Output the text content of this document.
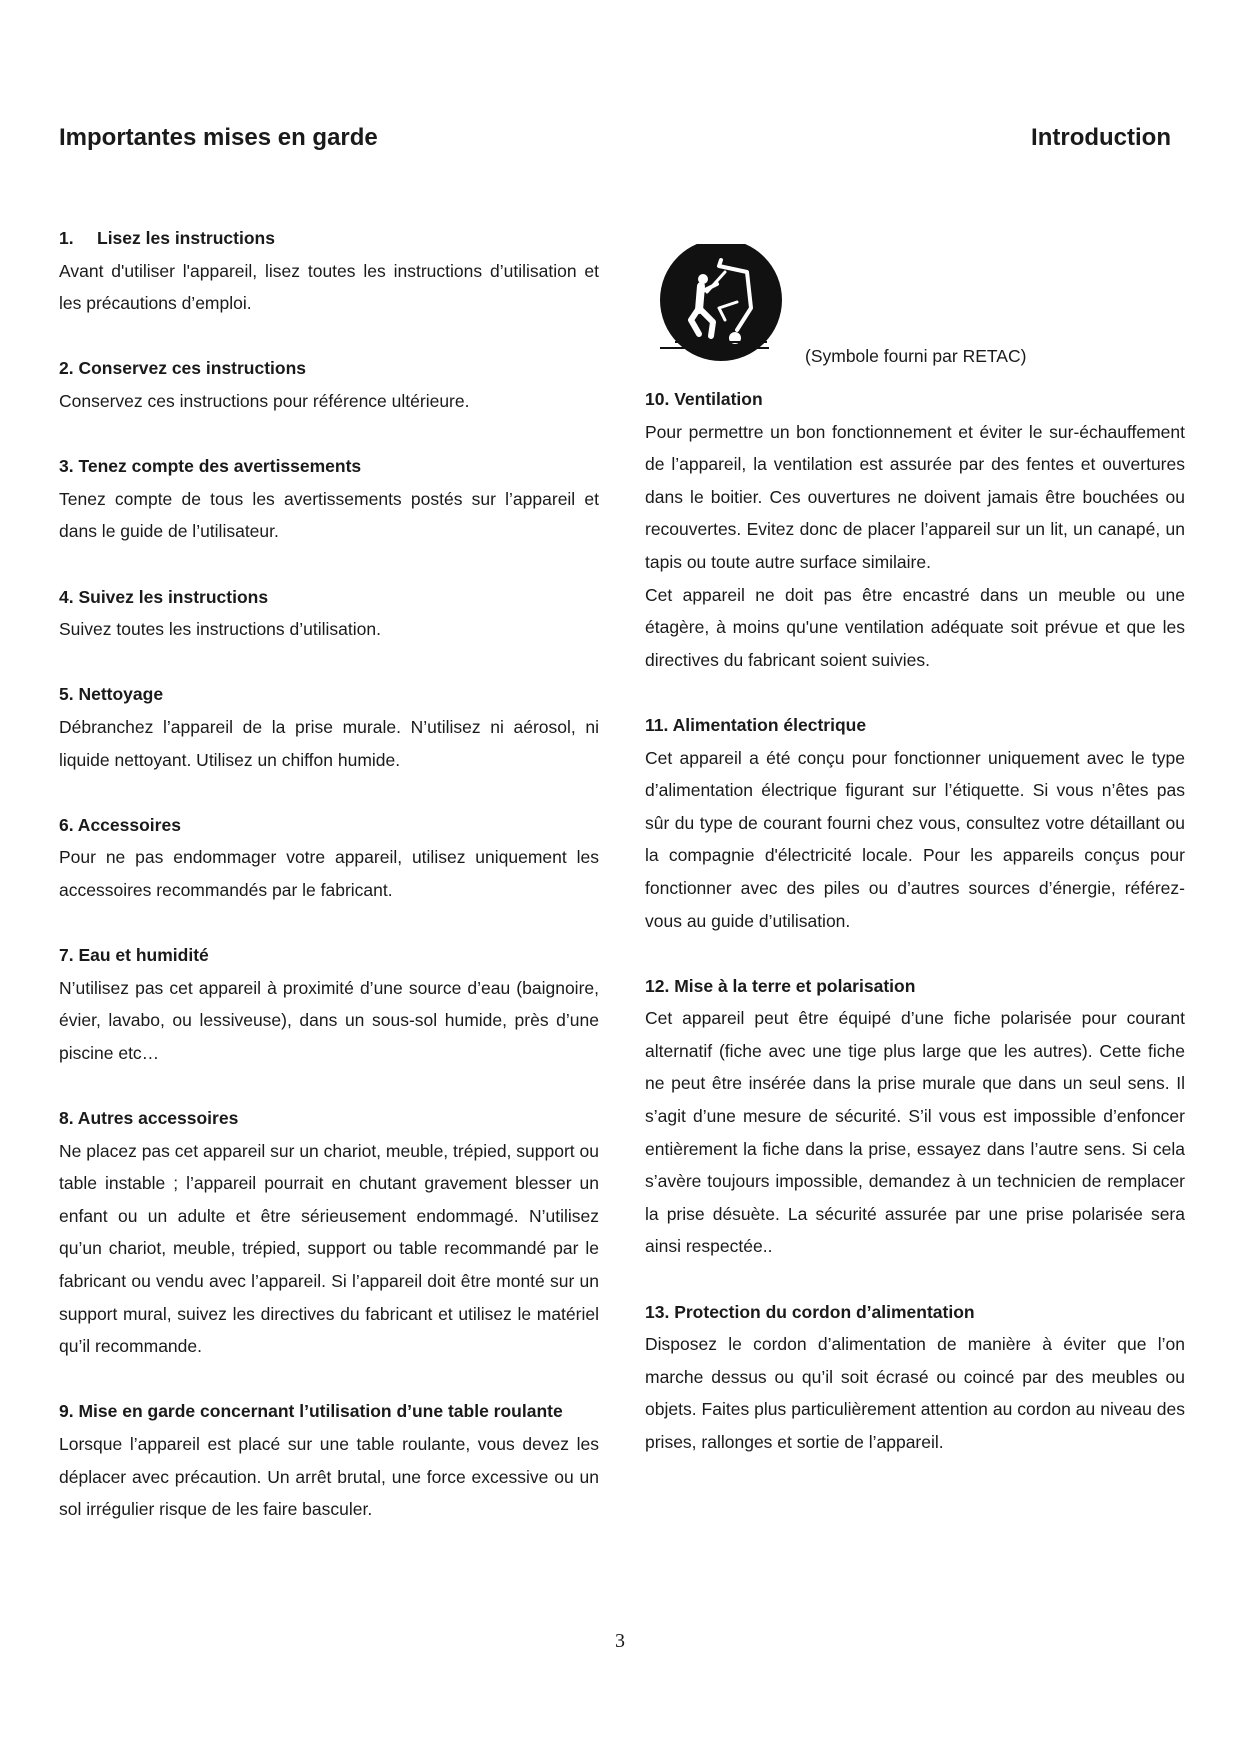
Importantes mises en garde	Introduction
1. Lisez les instructions
Avant d'utiliser l'appareil, lisez toutes les instructions d’utilisation et les précautions d’emploi.
2. Conservez ces instructions
Conservez ces instructions pour référence ultérieure.
3. Tenez compte des avertissements
Tenez compte de tous les avertissements postés sur l’appareil et dans le guide de l’utilisateur.
4. Suivez les instructions
Suivez toutes les instructions d’utilisation.
5. Nettoyage
Débranchez l’appareil de la prise murale. N’utilisez ni aérosol, ni liquide nettoyant. Utilisez un chiffon humide.
6. Accessoires
Pour ne pas endommager votre appareil, utilisez uniquement les accessoires recommandés par le fabricant.
7. Eau et humidité
N’utilisez pas cet appareil à proximité d’une source d’eau (baignoire, évier, lavabo, ou lessiveuse), dans un sous-sol humide, près d’une piscine etc…
8. Autres accessoires
Ne placez pas cet appareil sur un chariot, meuble, trépied, support ou table instable ; l’appareil pourrait en chutant gravement blesser un enfant ou un adulte et être sérieusement endommagé. N’utilisez qu’un chariot, meuble, trépied, support ou table recommandé par le fabricant ou vendu avec l’appareil. Si l’appareil doit être monté sur un support mural, suivez les directives du fabricant et utilisez le matériel qu’il recommande.
9. Mise en garde concernant l’utilisation d’une table roulante
Lorsque l’appareil est placé sur une table roulante, vous devez les déplacer avec précaution. Un arrêt brutal, une force excessive ou un sol irrégulier risque de les faire basculer.
(Symbole fourni par RETAC)
10. Ventilation
Pour permettre un bon fonctionnement et éviter le sur-échauffement de l’appareil, la ventilation est assurée par des fentes et ouvertures dans le boitier. Ces ouvertures ne doivent jamais être bouchées ou recouvertes. Evitez donc de placer l’appareil sur un lit, un canapé, un tapis ou toute autre surface similaire.
Cet appareil ne doit pas être encastré dans un meuble ou une étagère, à moins qu'une ventilation adéquate soit prévue et que les directives du fabricant soient suivies.
11. Alimentation électrique
Cet appareil a été conçu pour fonctionner uniquement avec le type d’alimentation électrique figurant sur l’étiquette. Si vous n’êtes pas sûr du type de courant fourni chez vous, consultez votre détaillant ou la compagnie d'électricité locale. Pour les appareils conçus pour fonctionner avec des piles ou d’autres sources d’énergie, référez-vous au guide d’utilisation.
12. Mise à la terre et polarisation
Cet appareil peut être équipé d’une fiche polarisée pour courant alternatif (fiche avec une tige plus large que les autres). Cette fiche ne peut être insérée dans la prise murale que dans un seul sens. Il s’agit d’une mesure de sécurité. S’il vous est impossible d’enfoncer entièrement la fiche dans la prise, essayez dans l’autre sens. Si cela s’avère toujours impossible, demandez à un technicien de remplacer la prise désuète. La sécurité assurée par une prise polarisée sera ainsi respectée..
13. Protection du cordon d’alimentation
Disposez le cordon d’alimentation de manière à éviter que l’on marche dessus ou qu’il soit écrasé ou coincé par des meubles ou objets. Faites plus particulièrement attention au cordon au niveau des prises, rallonges et sortie de l’appareil.
3
